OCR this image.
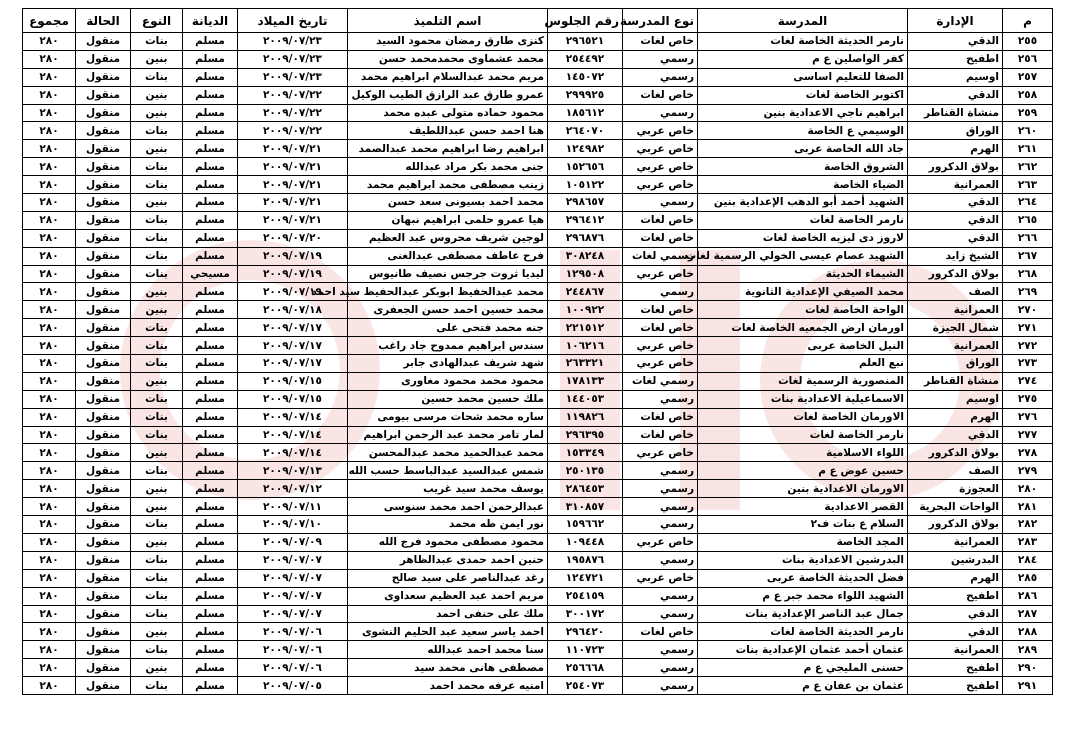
م	الإدارة	المدرسة	نوع المدرسة	رقم الجلوس	اسم التلميذ	تاريخ الميلاد	الديانة	النوع	الحالة	مجموع
٢٥٥	الدقي	نارمر الحديثة الخاصة لغات	خاص لغات	٢٩٦٥٢١	كنزى طارق رمضان محمود السيد	٢٠٠٩/٠٧/٢٣	مسلم	بنات	منقول	٢٨٠
٢٥٦	اطفيح	كفر الواصلين ع م	رسمي	٢٥٤٤٩٢	محمد عشماوى محمدمحمد حسن	٢٠٠٩/٠٧/٢٣	مسلم	بنين	منقول	٢٨٠
٢٥٧	اوسيم	الصفا للتعليم اساسى	رسمي	١٤٥٠٧٢	مريم محمد عبدالسلام ابراهيم محمد	٢٠٠٩/٠٧/٢٣	مسلم	بنات	منقول	٢٨٠
٢٥٨	الدقي	اكتوبر الخاصة لغات	خاص لغات	٢٩٩٩٢٥	عمرو طارق عبد الرازق الطيب الوكيل	٢٠٠٩/٠٧/٢٢	مسلم	بنين	منقول	٢٨٠
٢٥٩	منشاة القناطر	ابراهيم ناجي الاعدادية بنين	رسمي	١٨٥٦١٢	محمود حماده متولى عبده محمد	٢٠٠٩/٠٧/٢٢	مسلم	بنين	منقول	٢٨٠
٢٦٠	الوراق	الوسيمي ع الخاصة	خاص عربي	٢٦٤٠٧٠	هنا احمد حسن عبداللطيف	٢٠٠٩/٠٧/٢٢	مسلم	بنات	منقول	٢٨٠
٢٦١	الهرم	جاد الله الخاصة عربى	خاص عربي	١٢٤٩٨٢	ابراهيم رضا ابراهيم محمد عبدالصمد	٢٠٠٩/٠٧/٢١	مسلم	بنين	منقول	٢٨٠
٢٦٢	بولاق الدكرور	الشروق الخاصة	خاص عربي	١٥٢٦٥٦	جنى محمد بكر مراد عبدالله	٢٠٠٩/٠٧/٢١	مسلم	بنات	منقول	٢٨٠
٢٦٣	العمرانية	الضياء الخاصة	خاص عربي	١٠٥١٢٢	زينب مصطفى محمد ابراهيم محمد	٢٠٠٩/٠٧/٢١	مسلم	بنات	منقول	٢٨٠
٢٦٤	الدقي	الشهيد أحمد أبو الدهب الإعدادية بنين	رسمي	٢٩٨٦٥٧	محمد احمد بسيونى سعد حسن	٢٠٠٩/٠٧/٢١	مسلم	بنين	منقول	٢٨٠
٢٦٥	الدقي	نارمر الخاصة لغات	خاص لغات	٢٩٦٤١٢	هيا عمرو حلمى ابراهيم نبهان	٢٠٠٩/٠٧/٢١	مسلم	بنات	منقول	٢٨٠
٢٦٦	الدقي	لاروز دى ليزيه الخاصة لغات	خاص لغات	٢٩٦٨٧٦	لوجين شريف محروس عبد العظيم	٢٠٠٩/٠٧/٢٠	مسلم	بنات	منقول	٢٨٠
٢٦٧	الشيخ زايد	الشهيد عصام عيسى الخولي الرسمية لغات	رسمي لغات	٣٠٨٢٤٨	فرح عاطف مصطفى عبدالغنى	٢٠٠٩/٠٧/١٩	مسلم	بنات	منقول	٢٨٠
٢٦٨	بولاق الدكرور	الشيماء الحديثة	خاص عربي	١٢٩٥٠٨	ليديا ثروت جرجس نصيف طانيوس	٢٠٠٩/٠٧/١٩	مسيحي	بنات	منقول	٢٨٠
٢٦٩	الصف	محمد الصيفي الإعدادية الثانوية	رسمي	٢٤٤٨٦٧	محمد عبدالحفيظ ابوبكر عبدالحفيظ سيد احمد	٢٠٠٩/٠٧/١٩	مسلم	بنين	منقول	٢٨٠
٢٧٠	العمرانية	الواحة الخاصة لغات	خاص لغات	١٠٠٩٢٢	محمد حسين احمد حسن الجعفرى	٢٠٠٩/٠٧/١٨	مسلم	بنين	منقول	٢٨٠
٢٧١	شمال الجيزة	اورمان ارض الجمعيه الخاصة لغات	خاص لغات	٢٢١٥١٢	جنه محمد فتحى على	٢٠٠٩/٠٧/١٧	مسلم	بنات	منقول	٢٨٠
٢٧٢	العمرانية	النيل الخاصة عربى	خاص عربي	١٠٦٢١٦	سندس ابراهيم ممدوح جاد راغب	٢٠٠٩/٠٧/١٧	مسلم	بنات	منقول	٢٨٠
٢٧٣	الوراق	نبع العلم	خاص عربي	٢٦٣٣٢١	شهد شريف عبدالهادى جابر	٢٠٠٩/٠٧/١٧	مسلم	بنات	منقول	٢٨٠
٢٧٤	منشاة القناطر	المنصورية الرسمية لغات	رسمي لغات	١٧٨١٣٣	محمود محمد محمود مغاورى	٢٠٠٩/٠٧/١٥	مسلم	بنين	منقول	٢٨٠
٢٧٥	اوسيم	الاسماعيلية الاعدادية بنات	رسمي	١٤٤٠٥٣	ملك حسين محمد حسين	٢٠٠٩/٠٧/١٥	مسلم	بنات	منقول	٢٨٠
٢٧٦	الهرم	الاورمان الخاصة لغات	خاص لغات	١١٩٨٢٦	ساره محمد شحات مرسى بيومى	٢٠٠٩/٠٧/١٤	مسلم	بنات	منقول	٢٨٠
٢٧٧	الدقي	نارمر الخاصة لغات	خاص لغات	٢٩٦٣٩٥	لمار تامر محمد عبد الرحمن ابراهيم	٢٠٠٩/٠٧/١٤	مسلم	بنات	منقول	٢٨٠
٢٧٨	بولاق الدكرور	اللواء الاسلامية	خاص عربي	١٥٣٣٤٩	محمد عبدالحميد محمد عبدالمحسن	٢٠٠٩/٠٧/١٤	مسلم	بنين	منقول	٢٨٠
٢٧٩	الصف	حسين عوض ع م	رسمي	٢٥٠١٣٥	شمس عبدالسيد عبدالباسط حسب الله	٢٠٠٩/٠٧/١٣	مسلم	بنات	منقول	٢٨٠
٢٨٠	العجوزة	الاورمان الاعدادية بنين	رسمي	٢٨٦٤٥٣	يوسف محمد سيد غريب	٢٠٠٩/٠٧/١٢	مسلم	بنين	منقول	٢٨٠
٢٨١	الواحات البحرية	القصر الاعدادية	رسمي	٣١٠٨٥٧	عبدالرحمن احمد محمد سنوسى	٢٠٠٩/٠٧/١١	مسلم	بنين	منقول	٢٨٠
٢٨٢	بولاق الدكرور	السلام ع بنات ف٢	رسمي	١٥٩٦٦٢	نور ايمن طه محمد	٢٠٠٩/٠٧/١٠	مسلم	بنات	منقول	٢٨٠
٢٨٣	العمرانية	المجد الخاصة	خاص عربي	١٠٩٤٤٨	محمود مصطفى محمود فرج الله	٢٠٠٩/٠٧/٠٩	مسلم	بنين	منقول	٢٨٠
٢٨٤	البدرشين	البدرشين الاعدادية بنات	رسمي	١٩٥٨٧٦	حنين احمد حمدى عبدالظاهر	٢٠٠٩/٠٧/٠٧	مسلم	بنات	منقول	٢٨٠
٢٨٥	الهرم	فضل الحديثة الخاصة عربى	خاص عربي	١٢٤٧٢١	رغد عبدالناصر على سيد صالح	٢٠٠٩/٠٧/٠٧	مسلم	بنات	منقول	٢٨٠
٢٨٦	اطفيح	الشهيد اللواء محمد جبر ع م	رسمي	٢٥٤١٥٩	مريم احمد عبد العظيم سعداوى	٢٠٠٩/٠٧/٠٧	مسلم	بنات	منقول	٢٨٠
٢٨٧	الدقي	جمال عبد الناصر الإعدادية بنات	رسمي	٣٠٠١٧٢	ملك على حنفى احمد	٢٠٠٩/٠٧/٠٧	مسلم	بنات	منقول	٢٨٠
٢٨٨	الدقي	نارمر الحديثة الخاصة لغات	خاص لغات	٢٩٦٤٢٠	احمد ياسر سعيد عبد الحليم النشوى	٢٠٠٩/٠٧/٠٦	مسلم	بنين	منقول	٢٨٠
٢٨٩	العمرانية	عثمان أحمد عثمان الإعدادية بنات	رسمي	١١٠٧٢٣	سنا محمد احمد عبدالله	٢٠٠٩/٠٧/٠٦	مسلم	بنات	منقول	٢٨٠
٢٩٠	اطفيح	حسنى المليجي ع م	رسمي	٢٥٦٦٦٨	مصطفى هانى محمد سيد	٢٠٠٩/٠٧/٠٦	مسلم	بنين	منقول	٢٨٠
٢٩١	اطفيح	عثمان بن عفان ع م	رسمي	٢٥٤٠٧٣	امنيه عرفه محمد احمد	٢٠٠٩/٠٧/٠٥	مسلم	بنات	منقول	٢٨٠
